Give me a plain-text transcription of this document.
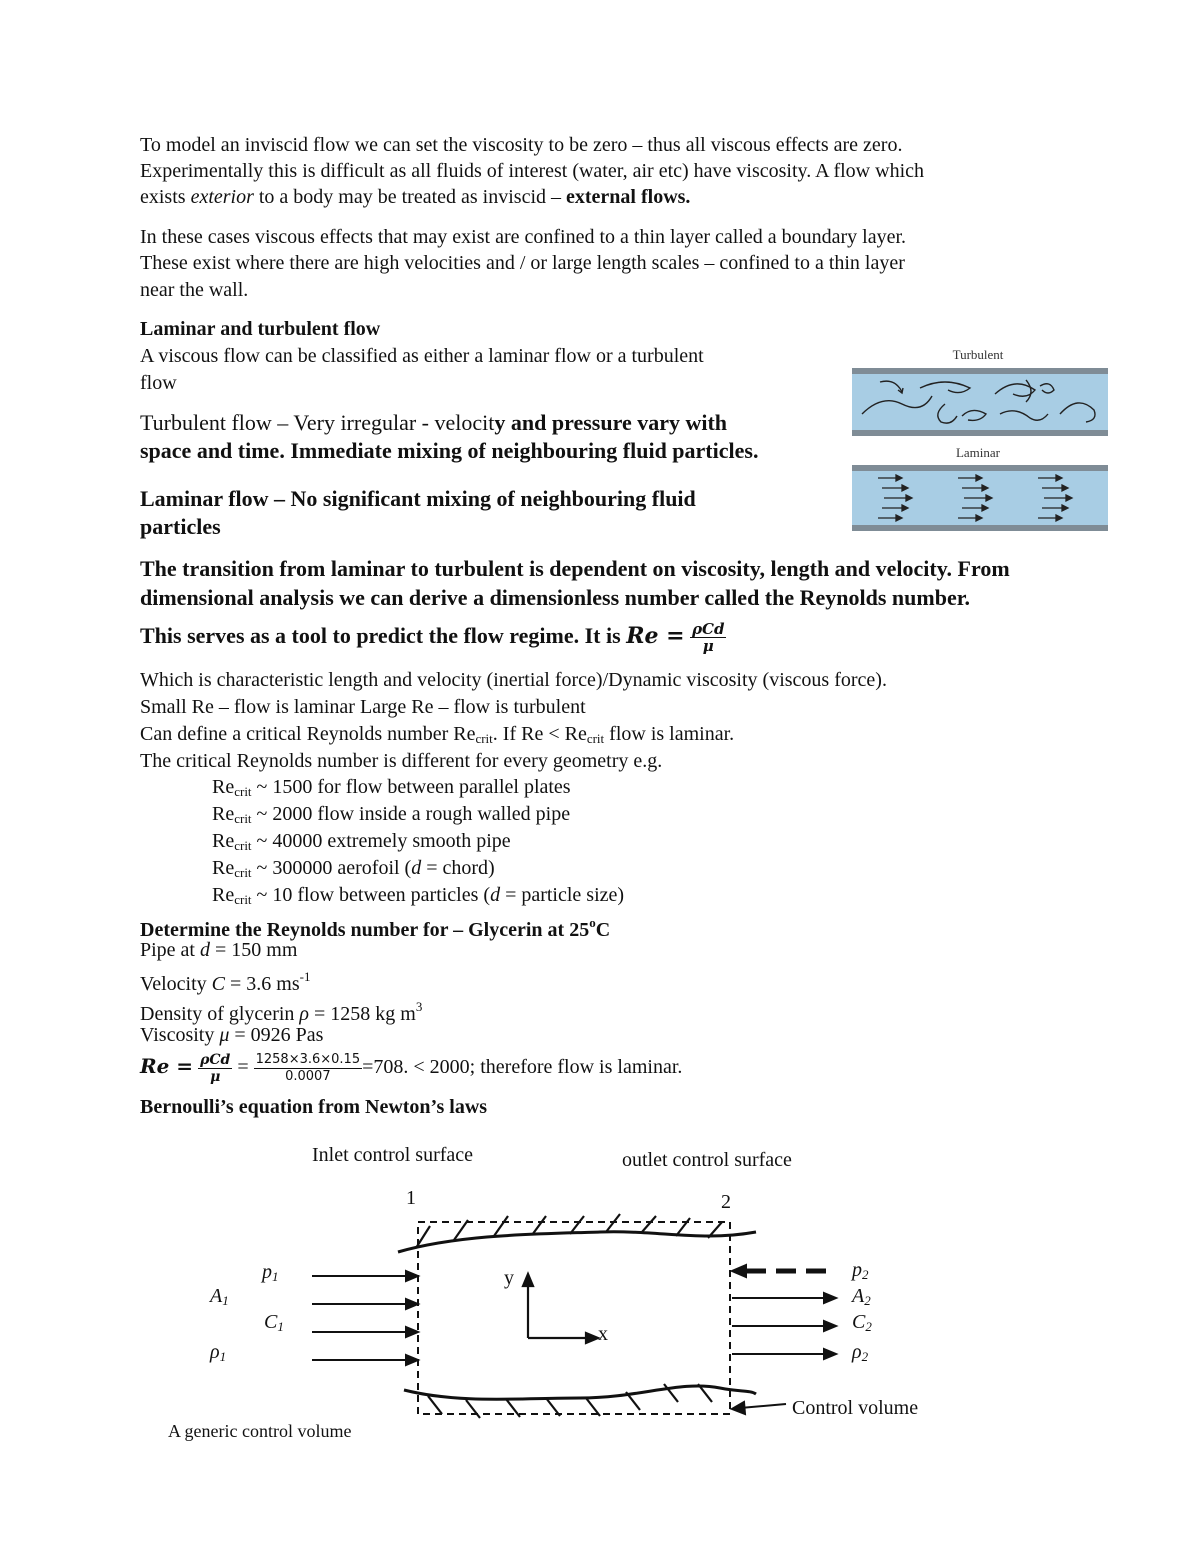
To model an inviscid flow we can set the viscosity to be zero – thus all viscous effects are zero.
Experimentally this is difficult as all fluids of interest (water, air etc) have viscosity. A flow which
exists exterior to a body may be treated as inviscid – external flows.
In these cases viscous effects that may exist are confined to a thin layer called a boundary layer.
These exist where there are high velocities and / or large length scales – confined to a thin layer
near the wall.
Laminar and turbulent flow
A viscous flow can be classified as either a laminar flow or a turbulent
flow
Turbulent flow – Very irregular - velocity and pressure vary with
space and time. Immediate mixing of neighbouring fluid particles.
Laminar flow – No significant mixing of neighbouring fluid
particles
Turbulent
Laminar
The transition from laminar to turbulent is dependent on viscosity, length and velocity. From
dimensional analysis we can derive a dimensionless number called the Reynolds number.
This serves as a tool to predict the flow regime. It is $Re = \frac{\text{ρCd}}{\mu}$
Which is characteristic length and velocity (inertial force)/Dynamic viscosity (viscous force).
Small Re – flow is laminar Large Re – flow is turbulent
Can define a critical Reynolds number $Re_{crit}$. If $Re < Re_{crit}$ flow is laminar.
The critical Reynolds number is different for every geometry e.g.
$Re_{crit}$ ~ 1500 for flow between parallel plates
$Re_{crit}$ ~ 2000 flow inside a rough walled pipe
$Re_{crit}$ ~ 40000 extremely smooth pipe
$Re_{crit}$ ~ 300000 aerofoil (d = chord)
$Re_{crit}$ ~ 10 flow between particles (d = particle size)
Determine the Reynolds number for – Glycerin at 25$^o$C
Pipe at d = 150 mm
Velocity C = 3.6 $ms^{-1}$
Density of glycerin ρ = 1258 kg $m^3$
Viscosity μ = 0926 Pas
$Re = \frac{\text{ρCd}}{\mu} = \frac{1258\times 3.6\times 0.15}{0.0007} =708$. < 2000; therefore flow is laminar.
Bernoulli’s equation from Newton’s laws
Inlet control surface	outlet control surface
1	2
p1
A1
C1
ρ1
p2
A2
C2
ρ2
y
x
Control volume
A generic control volume
